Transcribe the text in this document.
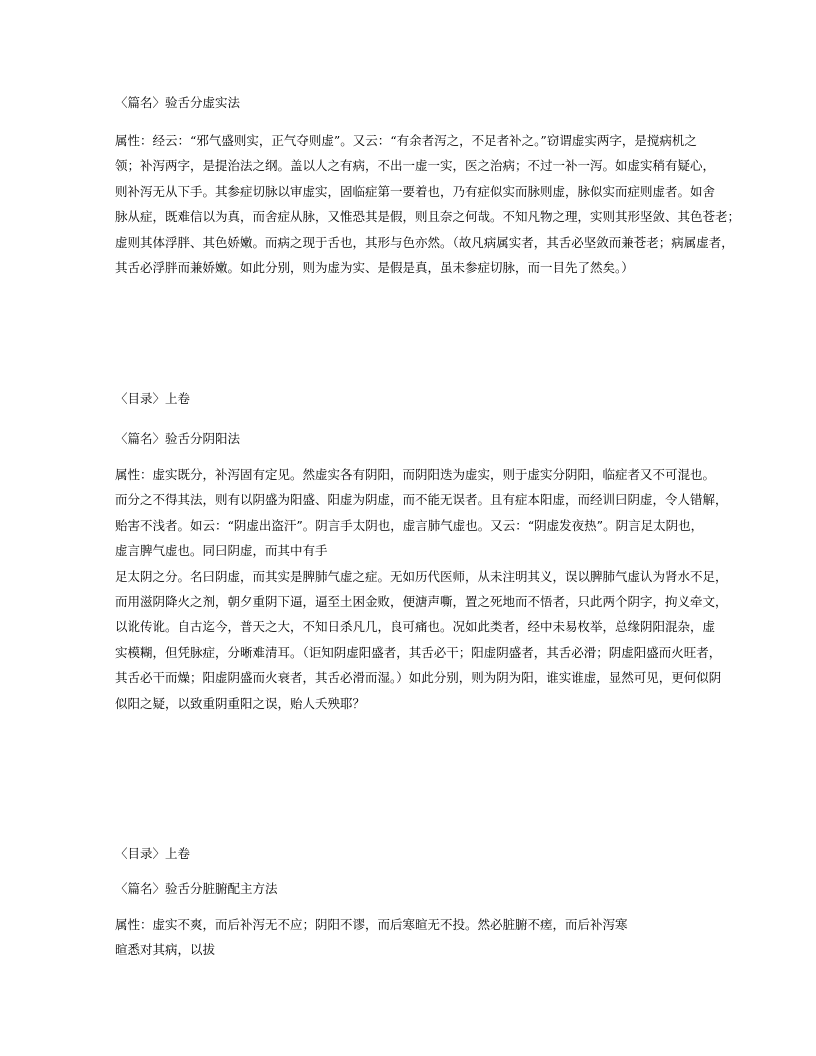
〈篇名〉验舌分虚实法
属性：经云：“邪气盛则实，正气夺则虚”。又云：“有余者泻之，不足者补之。”窃谓虚实两字，是搅病机之
领；补泻两字，是提治法之纲。盖以人之有病，不出一虚一实，医之治病；不过一补一泻。如虚实稍有疑心，
则补泻无从下手。其参症切脉以审虚实，固临症第一要着也，乃有症似实而脉则虚，脉似实而症则虚者。如舍
脉从症，既难信以为真，而舍症从脉，又惟恐其是假，则且奈之何哉。不知凡物之理，实则其形坚敛、其色苍老；
虚则其体浮胖、其色娇嫩。而病之现于舌也，其形与色亦然。（故凡病属实者，其舌必坚敛而兼苍老；病属虚者，
其舌必浮胖而兼娇嫩。如此分别，则为虚为实、是假是真，虽未参症切脉，而一目先了然矣。）
〈目录〉上卷
〈篇名〉验舌分阴阳法
属性：虚实既分，补泻固有定见。然虚实各有阴阳，而阴阳迭为虚实，则于虚实分阴阳，临症者又不可混也。
而分之不得其法，则有以阴盛为阳盛、阳虚为阴虚，而不能无误者。且有症本阳虚，而经训曰阴虚，令人错解，
贻害不浅者。如云：“阴虚出盗汗”。阴言手太阴也，虚言肺气虚也。又云：“阴虚发夜热”。阴言足太阴也，
虚言脾气虚也。同曰阴虚，而其中有手
足太阴之分。名曰阴虚，而其实是脾肺气虚之症。无如历代医师，从未注明其义，误以脾肺气虚认为肾水不足，
而用滋阴降火之剂，朝夕重阴下逼，逼至土困金败，便溏声嘶，置之死地而不悟者，只此两个阴字，拘义牵文，
以讹传讹。自古迄今，普天之大，不知日杀凡几，良可痛也。况如此类者，经中未易枚举，总缘阴阳混杂，虚
实模糊，但凭脉症，分晰难清耳。（讵知阴虚阳盛者，其舌必干；阳虚阴盛者，其舌必滑；阴虚阳盛而火旺者，
其舌必干而燥；阳虚阴盛而火衰者，其舌必滑而湿。）如此分别，则为阴为阳，谁实谁虚，显然可见，更何似阴
似阳之疑，以致重阴重阳之误，贻人夭殃耶？
〈目录〉上卷
〈篇名〉验舌分脏腑配主方法
属性：虚实不爽，而后补泻无不应；阴阳不谬，而后寒暄无不投。然必脏腑不瘥，而后补泻寒
暄悉对其病，以拔
